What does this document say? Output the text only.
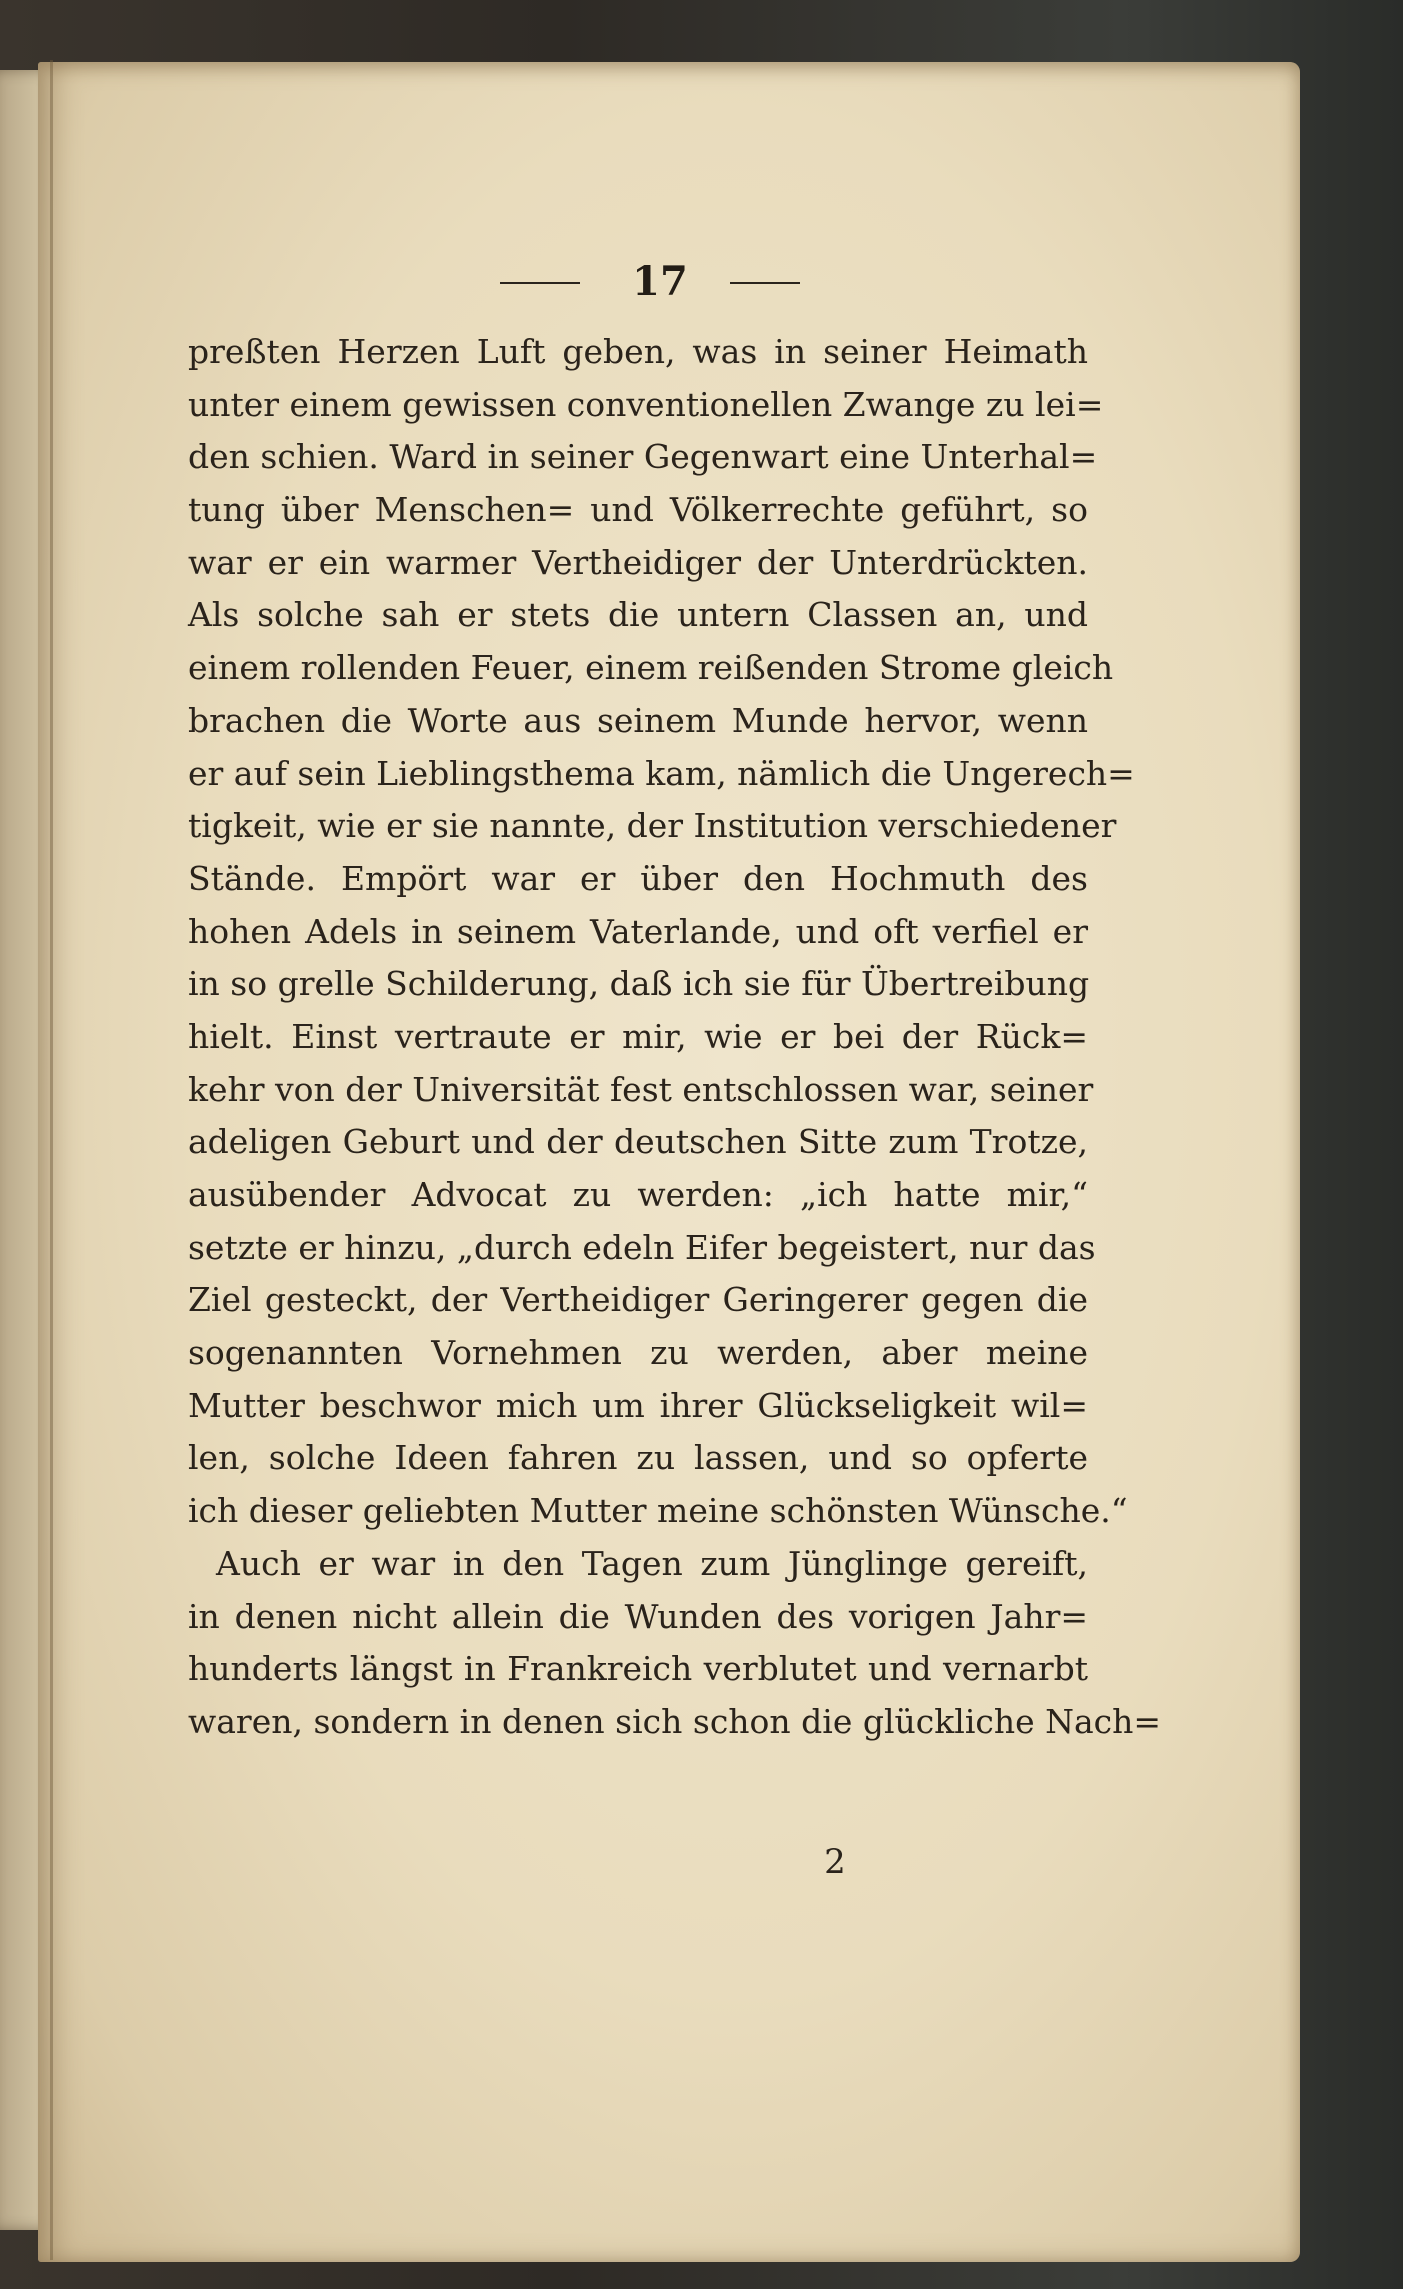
17
preßten Herzen Luft geben, was in seiner Heimath
unter einem gewissen conventionellen Zwange zu lei=
den schien. Ward in seiner Gegenwart eine Unterhal=
tung über Menschen= und Völkerrechte geführt, so
war er ein warmer Vertheidiger der Unterdrückten.
Als solche sah er stets die untern Classen an, und
einem rollenden Feuer, einem reißenden Strome gleich
brachen die Worte aus seinem Munde hervor, wenn
er auf sein Lieblingsthema kam, nämlich die Ungerech=
tigkeit, wie er sie nannte, der Institution verschiedener
Stände. Empört war er über den Hochmuth des
hohen Adels in seinem Vaterlande, und oft verfiel er
in so grelle Schilderung, daß ich sie für Übertreibung
hielt. Einst vertraute er mir, wie er bei der Rück=
kehr von der Universität fest entschlossen war, seiner
adeligen Geburt und der deutschen Sitte zum Trotze,
ausübender Advocat zu werden: „ich hatte mir,“
setzte er hinzu, „durch edeln Eifer begeistert, nur das
Ziel gesteckt, der Vertheidiger Geringerer gegen die
sogenannten Vornehmen zu werden, aber meine
Mutter beschwor mich um ihrer Glückseligkeit wil=
len, solche Ideen fahren zu lassen, und so opferte
ich dieser geliebten Mutter meine schönsten Wünsche.“
Auch er war in den Tagen zum Jünglinge gereift,
in denen nicht allein die Wunden des vorigen Jahr=
hunderts längst in Frankreich verblutet und vernarbt
waren, sondern in denen sich schon die glückliche Nach=
2
